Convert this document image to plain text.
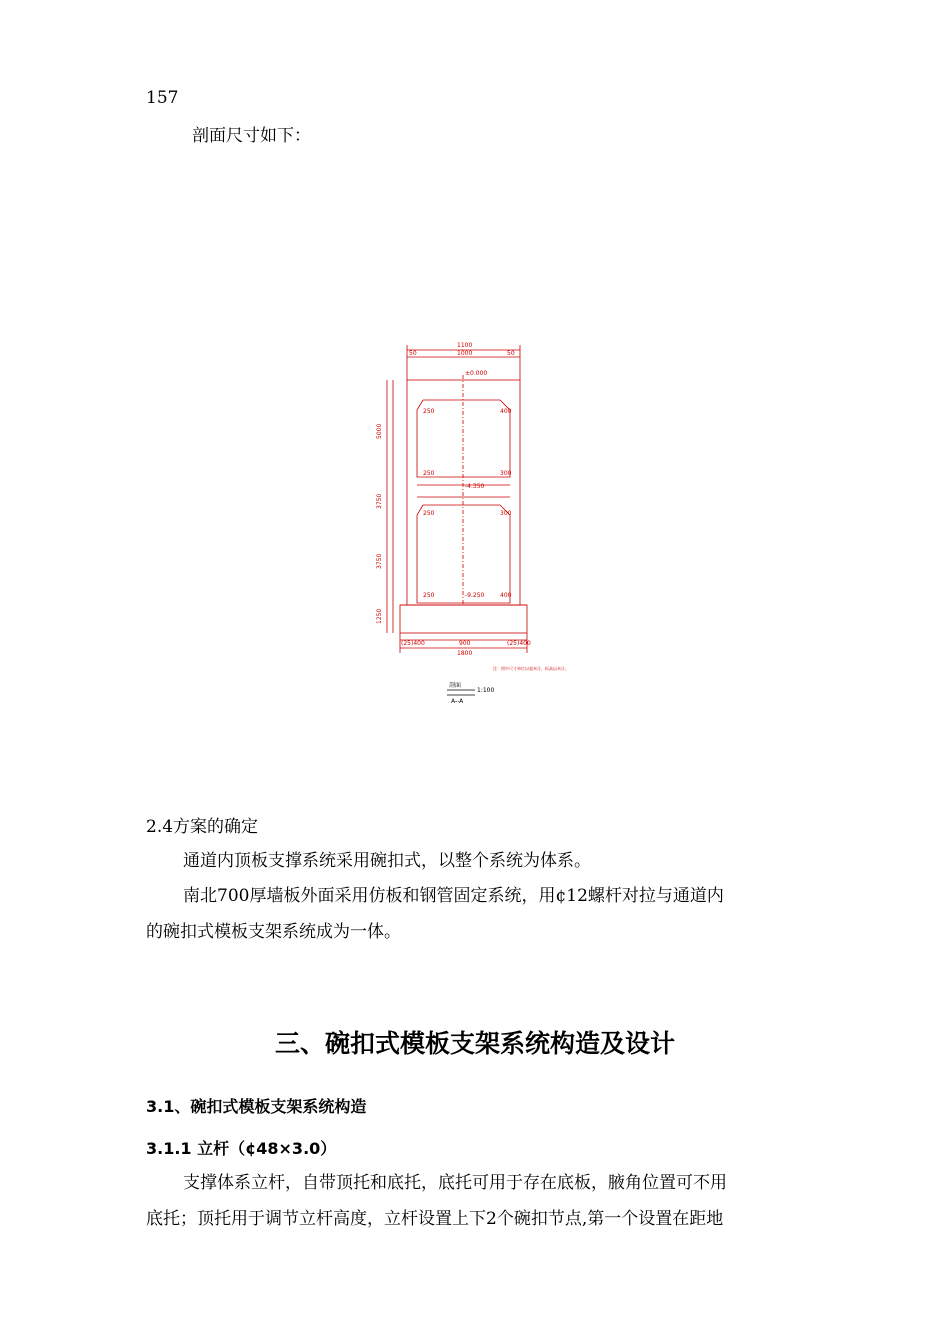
157
剖面尺寸如下：
1100
1000
50	50
±0.000
-4.350
-9.250
250	400
250	300
250	300
250	400
5000
3750
3750
1250
(25)400	900	(25)400
1800
注：图中尺寸单位以毫米计，标高以米计。
剖面
1:100
A--A
2.4方案的确定
通道内顶板支撑系统采用碗扣式，以整个系统为体系。
南北700厚墙板外面采用仿板和钢管固定系统，用¢12螺杆对拉与通道内
的碗扣式模板支架系统成为一体。
三、碗扣式模板支架系统构造及设计
3.1、碗扣式模板支架系统构造
3.1.1 立杆（¢48×3.0）
支撑体系立杆，自带顶托和底托，底托可用于存在底板，腋角位置可不用
底托；顶托用于调节立杆高度，立杆设置上下2个碗扣节点,第一个设置在距地
